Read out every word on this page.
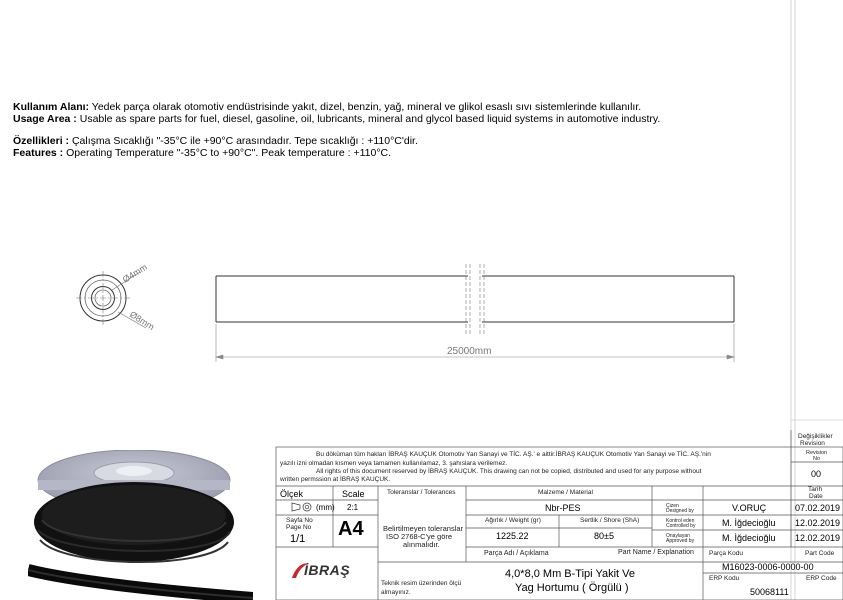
Kullanım Alanı: Yedek parça olarak otomotiv endüstrisinde yakıt, dizel, benzin, yağ, mineral ve glikol esaslı sıvı sistemlerinde kullanılır.
Usage Area : Usable as spare parts for fuel, diesel, gasoline, oil, lubricants, mineral and glycol based liquid systems in automotive industry.
Özellikleri : Çalışma Sıcaklığı "-35°C ile +90°C arasındadır. Tepe sıcaklığı : +110°C'dir.
Features : Operating Temperature "-35°C to +90°C". Peak temperature : +110°C.
Ø4mm
Ø8mm
25000mm
Bu döküman tüm hakları İBRAŞ KAUÇUK Otomotiv Yan Sanayi ve TİC. AŞ.' e aittir.İBRAŞ KAUÇUK Otomotiv Yan Sanayi ve TİC. AŞ.'nin
yazılı izni olmadan kısmen veya tamamen kullanılamaz, 3. şahıslara verilemez.
All rights of this document reserved by İBRAŞ KAUÇUK. This drawing can not be copied, distributed and used for any purpose without
written permssion at İBRAŞ KAUÇUK.
Ölçek	Scale
(mm) 2:1
Sayfa No
Page No
1/1 A4
Toleranslar / Tolerances
Belirtilmeyen toleranslar
ISO 2768-C'ye göre
alınmalıdır.
Malzeme / Material
Nbr-PES
Ağırlık / Weight (gr)	Sertlik / Shore (ShA)
1225.22	80±5
Çizen
Designed by	V.ORUÇ	07.02.2019
Kontrol eden
Controlled by	M. İğdecioğlu 12.02.2019
Onaylayan
Approved by	M. İğdecioğlu 12.02.2019
Değişiklikler
Revision
Revision
No
00
Tarih
Date
Parça Adı / Açıklama	Part Name / Explanation
4,0*8,0 Mm B-Tipi Yakit Ve
Yag Hortumu ( Örgülü )
Parça Kodu	Part Code
M16023-0006-0000-00
ERP Kodu	ERP Code
50068111
Teknik resim üzerinden ölçü
almayınız.
İBRAŞ
